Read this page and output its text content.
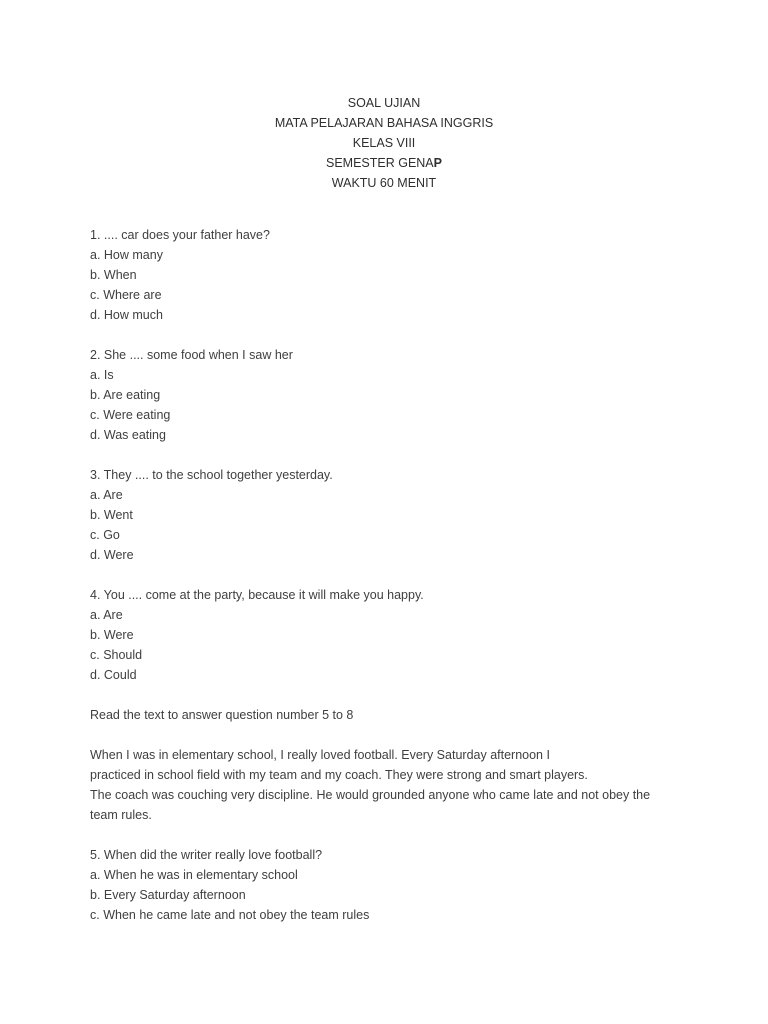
SOAL UJIAN
MATA PELAJARAN BAHASA INGGRIS
KELAS VIII
SEMESTER GENAP
WAKTU 60 MENIT
1. .... car does your father have?
a. How many
b. When
c. Where are
d. How much
2. She .... some food when I saw her
a. Is
b. Are eating
c. Were eating
d. Was eating
3. They .... to the school together yesterday.
a. Are
b. Went
c. Go
d. Were
4. You .... come at the party, because it will make you happy.
a. Are
b. Were
c. Should
d. Could
Read the text to answer question number 5 to 8
When I was in elementary school, I really loved football. Every Saturday afternoon I
practiced in school field with my team and my coach. They were strong and smart players.
The coach was couching very discipline. He would grounded anyone who came late and not obey the
team rules.
5. When did the writer really love football?
a. When he was in elementary school
b. Every Saturday afternoon
c. When he came late and not obey the team rules
